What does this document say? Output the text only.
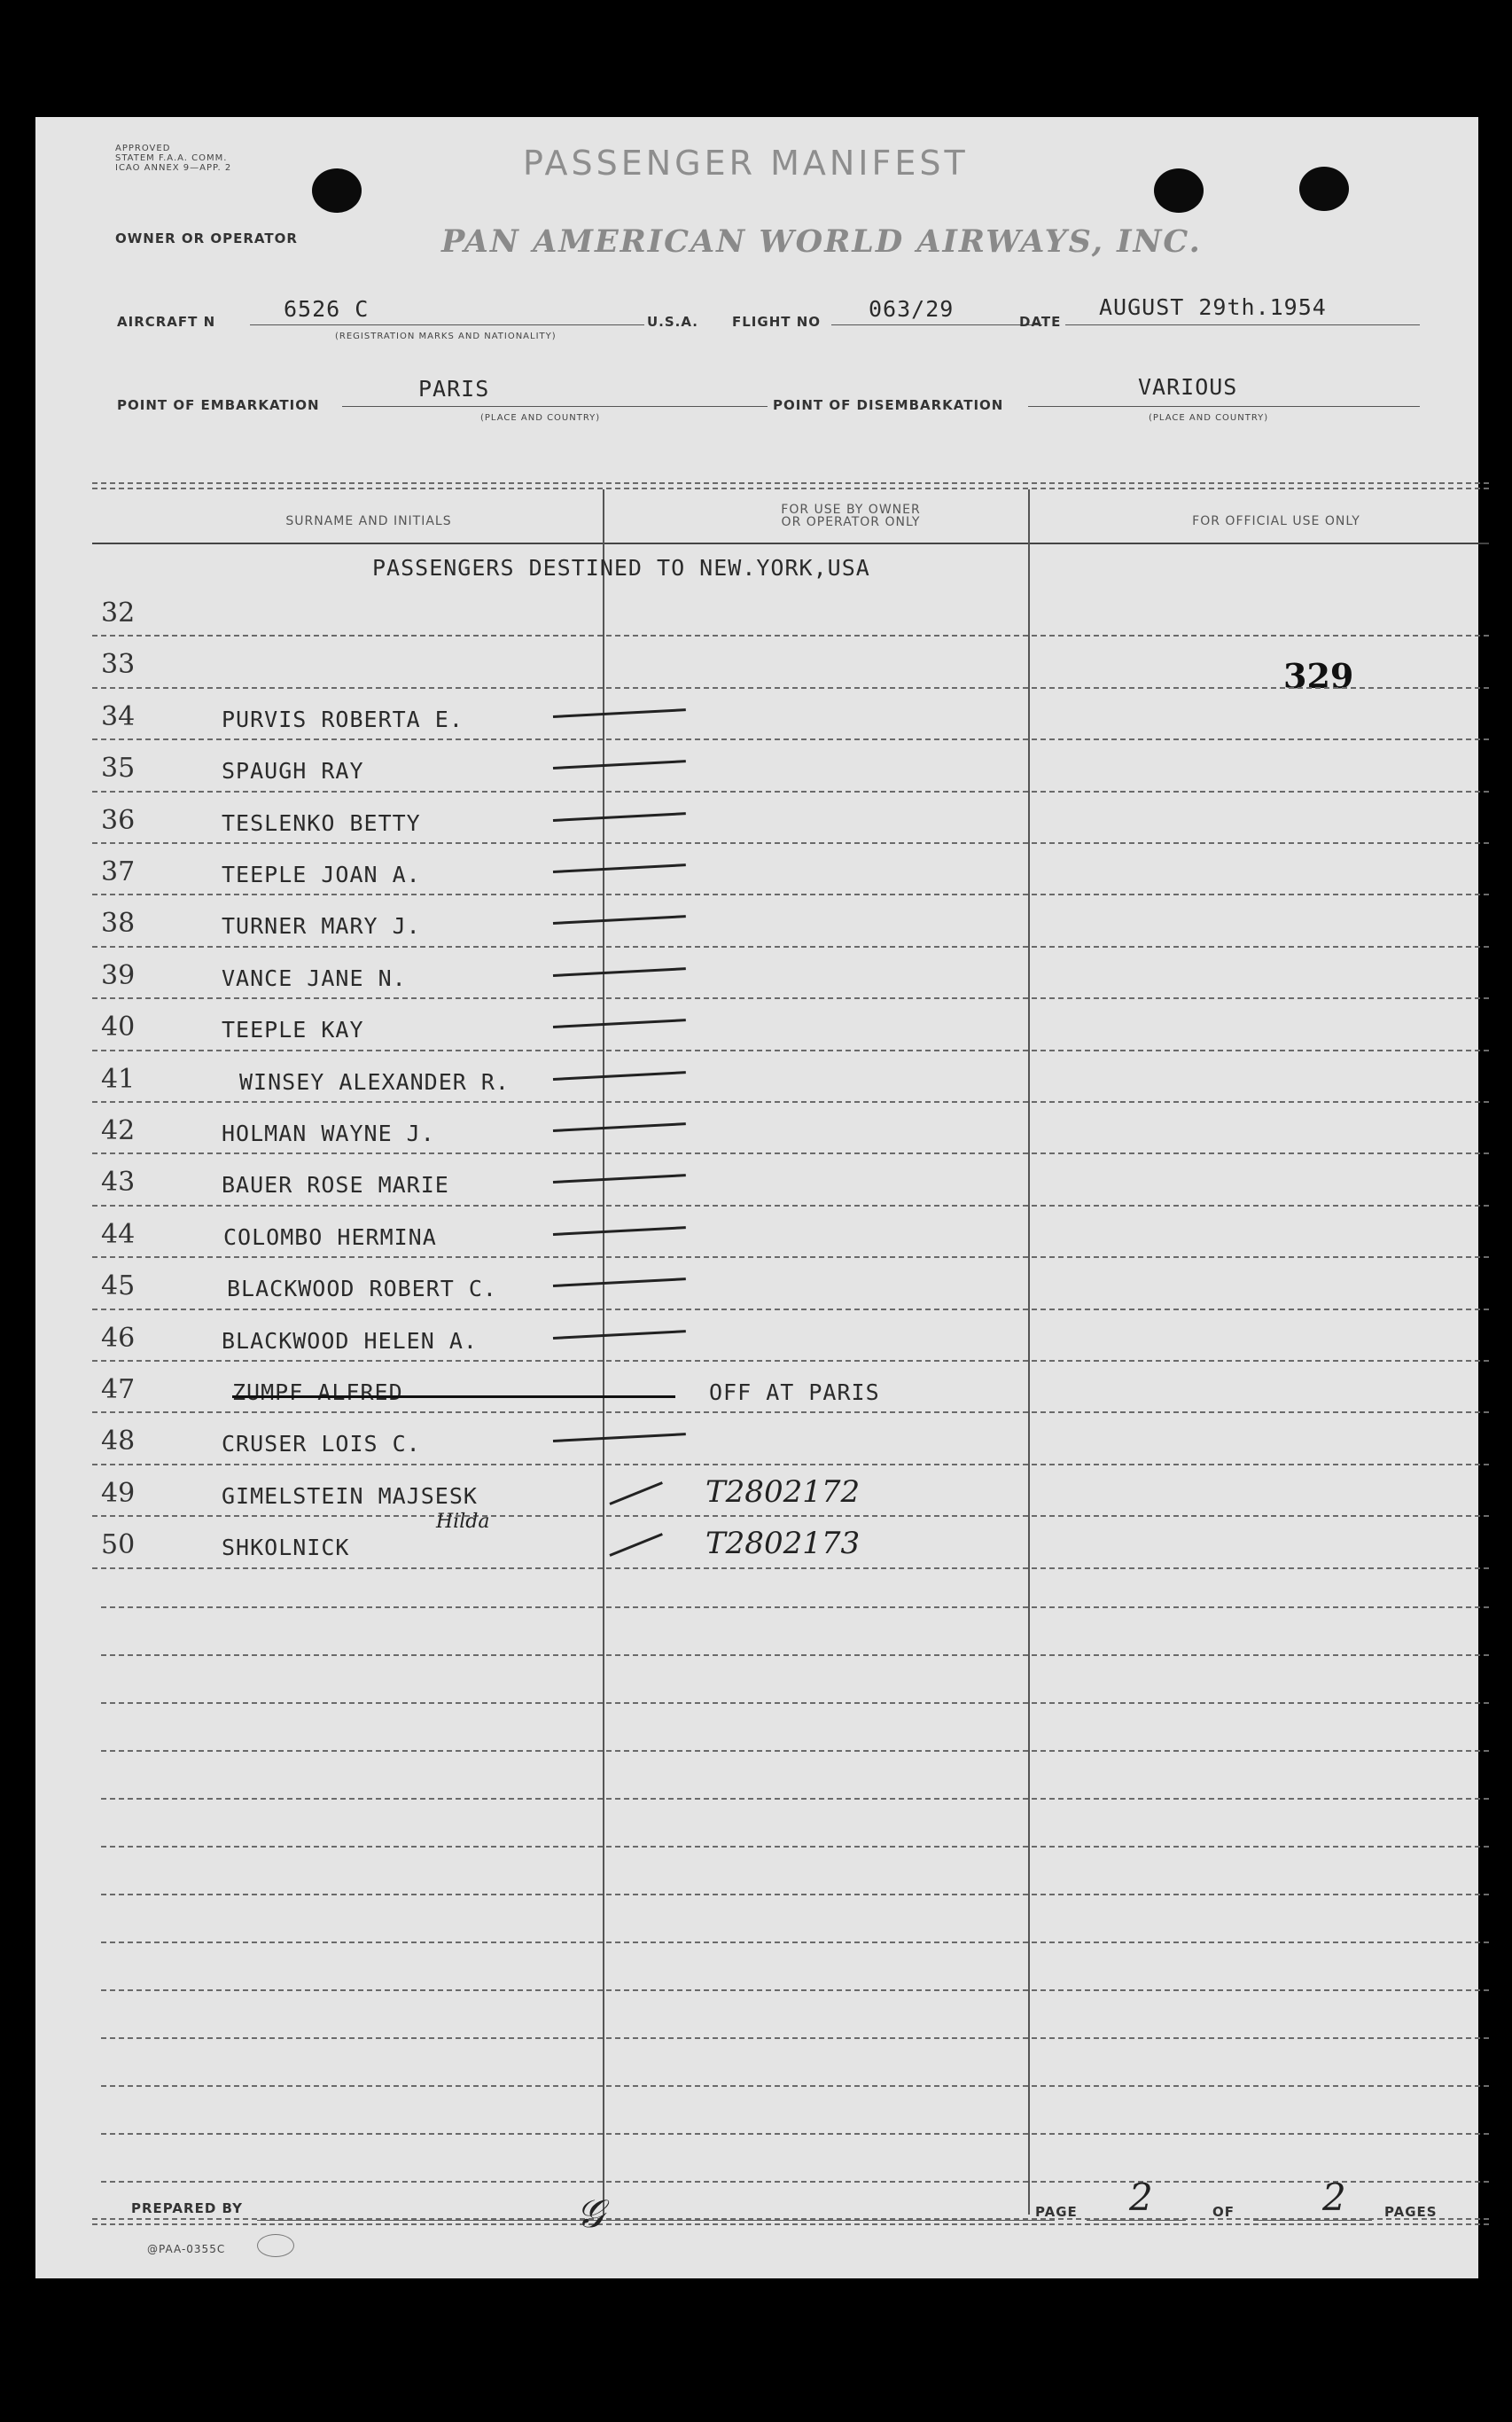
APPROVED
STATEM F.A.A. COMM.
ICAO ANNEX 9—APP. 2	PASSENGER MANIFEST
OWNER OR OPERATOR	PAN AMERICAN WORLD AIRWAYS, INC.
AIRCRAFT N	6526 C
(REGISTRATION MARKS AND NATIONALITY)
U.S.A.	FLIGHT NO 063/29	DATE
AUGUST 29th.1954
POINT OF EMBARKATION
PARIS
(PLACE AND COUNTRY)
POINT OF DISEMBARKATION
VARIOUS
(PLACE AND COUNTRY)
SURNAME AND INITIALS
FOR USE BY OWNER
OR OPERATOR ONLY	FOR OFFICIAL USE ONLY
PASSENGERS DESTINED TO NEW.YORK,USA
329
32
33
34	PURVIS ROBERTA E.
35	SPAUGH RAY
36	TESLENKO BETTY
37	TEEPLE JOAN A.
38	TURNER MARY J.
39	VANCE JANE N.
40	TEEPLE KAY
41	WINSEY ALEXANDER R.
42	HOLMAN WAYNE J.
43	BAUER ROSE MARIE
44	COLOMBO HERMINA
45	BLACKWOOD ROBERT C.
46	BLACKWOOD HELEN A.
47	ZUMPF ALFRED	OFF AT PARIS
48	CRUSER LOIS C.
49	GIMELSTEIN MAJSESK	T2802172
50	SHKOLNICK	T2802173
Hilda
PREPARED BY	𝒢
@PAA-0355C
PAGE 2	OF 2	PAGES
